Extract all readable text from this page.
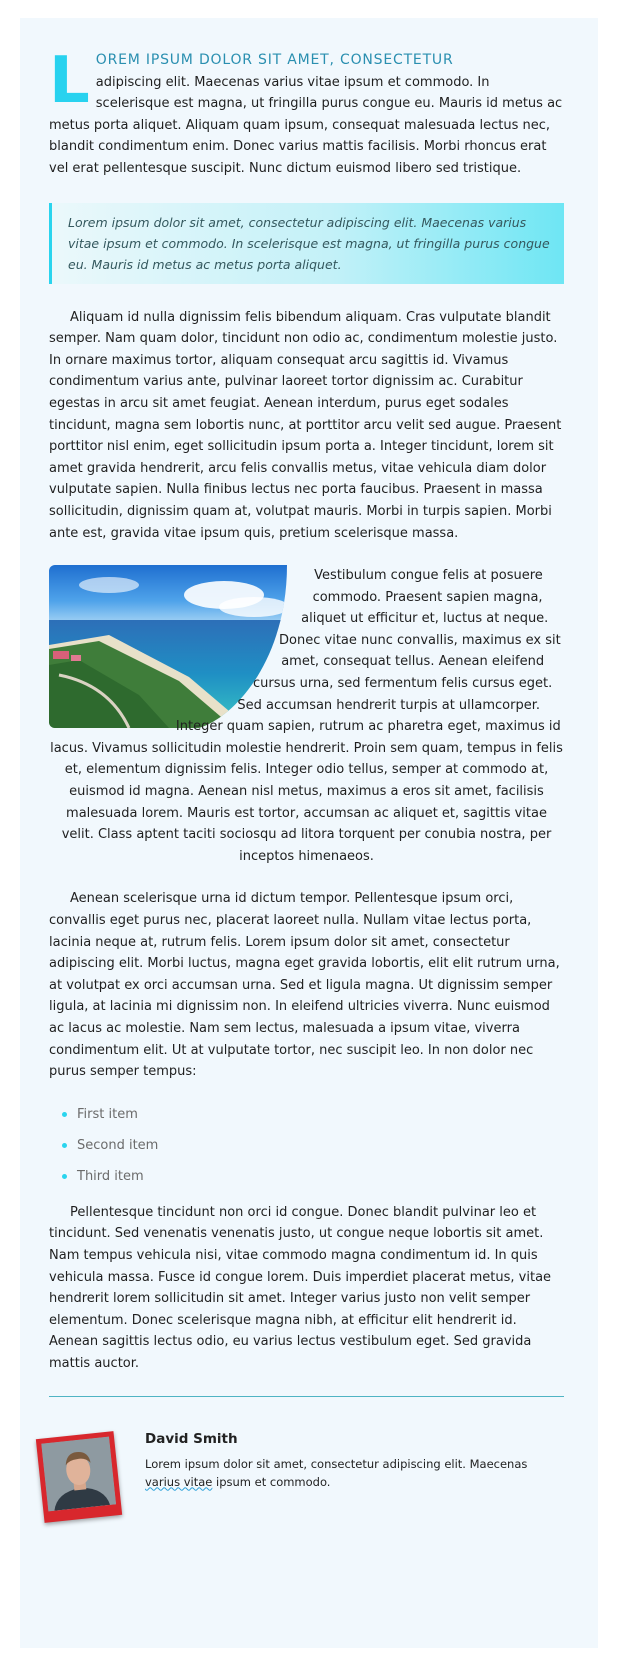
LOREM IPSUM DOLOR SIT AMET, CONSECTETUR
adipiscing elit. Maecenas varius vitae ipsum et commodo. In scelerisque est magna, ut fringilla purus congue eu. Mauris id metus ac metus porta aliquet. Aliquam quam ipsum, consequat malesuada lectus nec, blandit condimentum enim. Donec varius mattis facilisis. Morbi rhoncus erat vel erat pellentesque suscipit. Nunc dictum euismod libero sed tristique.

Lorem ipsum dolor sit amet, consectetur adipiscing elit. Maecenas varius vitae ipsum et commodo. In scelerisque est magna, ut fringilla purus congue eu. Mauris id metus ac metus porta aliquet.

Aliquam id nulla dignissim felis bibendum aliquam. Cras vulputate blandit semper. Nam quam dolor, tincidunt non odio ac, condimentum molestie justo. In ornare maximus tortor, aliquam consequat arcu sagittis id. Vivamus condimentum varius ante, pulvinar laoreet tortor dignissim ac. Curabitur egestas in arcu sit amet feugiat. Aenean interdum, purus eget sodales tincidunt, magna sem lobortis nunc, at porttitor arcu velit sed augue. Praesent porttitor nisl enim, eget sollicitudin ipsum porta a. Integer tincidunt, lorem sit amet gravida hendrerit, arcu felis convallis metus, vitae vehicula diam dolor vulputate sapien. Nulla finibus lectus nec porta faucibus. Praesent in massa sollicitudin, dignissim quam at, volutpat mauris. Morbi in turpis sapien. Morbi ante est, gravida vitae ipsum quis, pretium scelerisque massa.

Vestibulum congue felis at posuere commodo. Praesent sapien magna, aliquet ut efficitur et, luctus at neque. Donec vitae nunc convallis, maximus ex sit amet, consequat tellus. Aenean eleifend cursus urna, sed fermentum felis cursus eget. Sed accumsan hendrerit turpis at ullamcorper. Integer quam sapien, rutrum ac pharetra eget, maximus id lacus. Vivamus sollicitudin molestie hendrerit. Proin sem quam, tempus in felis et, elementum dignissim felis. Integer odio tellus, semper at commodo at, euismod id magna. Aenean nisl metus, maximus a eros sit amet, facilisis malesuada lorem. Mauris est tortor, accumsan ac aliquet et, sagittis vitae velit. Class aptent taciti sociosqu ad litora torquent per conubia nostra, per inceptos himenaeos.

Aenean scelerisque urna id dictum tempor. Pellentesque ipsum orci, convallis eget purus nec, placerat laoreet nulla. Nullam vitae lectus porta, lacinia neque at, rutrum felis. Lorem ipsum dolor sit amet, consectetur adipiscing elit. Morbi luctus, magna eget gravida lobortis, elit elit rutrum urna, at volutpat ex orci accumsan urna. Sed et ligula magna. Ut dignissim semper ligula, at lacinia mi dignissim non. In eleifend ultricies viverra. Nunc euismod ac lacus ac molestie. Nam sem lectus, malesuada a ipsum vitae, viverra condimentum elit. Ut at vulputate tortor, nec suscipit leo. In non dolor nec purus semper tempus:

First item
Second item
Third item

Pellentesque tincidunt non orci id congue. Donec blandit pulvinar leo et tincidunt. Sed venenatis venenatis justo, ut congue neque lobortis sit amet. Nam tempus vehicula nisi, vitae commodo magna condimentum id. In quis vehicula massa. Fusce id congue lorem. Duis imperdiet placerat metus, vitae hendrerit lorem sollicitudin sit amet. Integer varius justo non velit semper elementum. Donec scelerisque magna nibh, at efficitur elit hendrerit id. Aenean sagittis lectus odio, eu varius lectus vestibulum eget. Sed gravida mattis auctor.

David Smith
Lorem ipsum dolor sit amet, consectetur adipiscing elit. Maecenas varius vitae ipsum et commodo.
